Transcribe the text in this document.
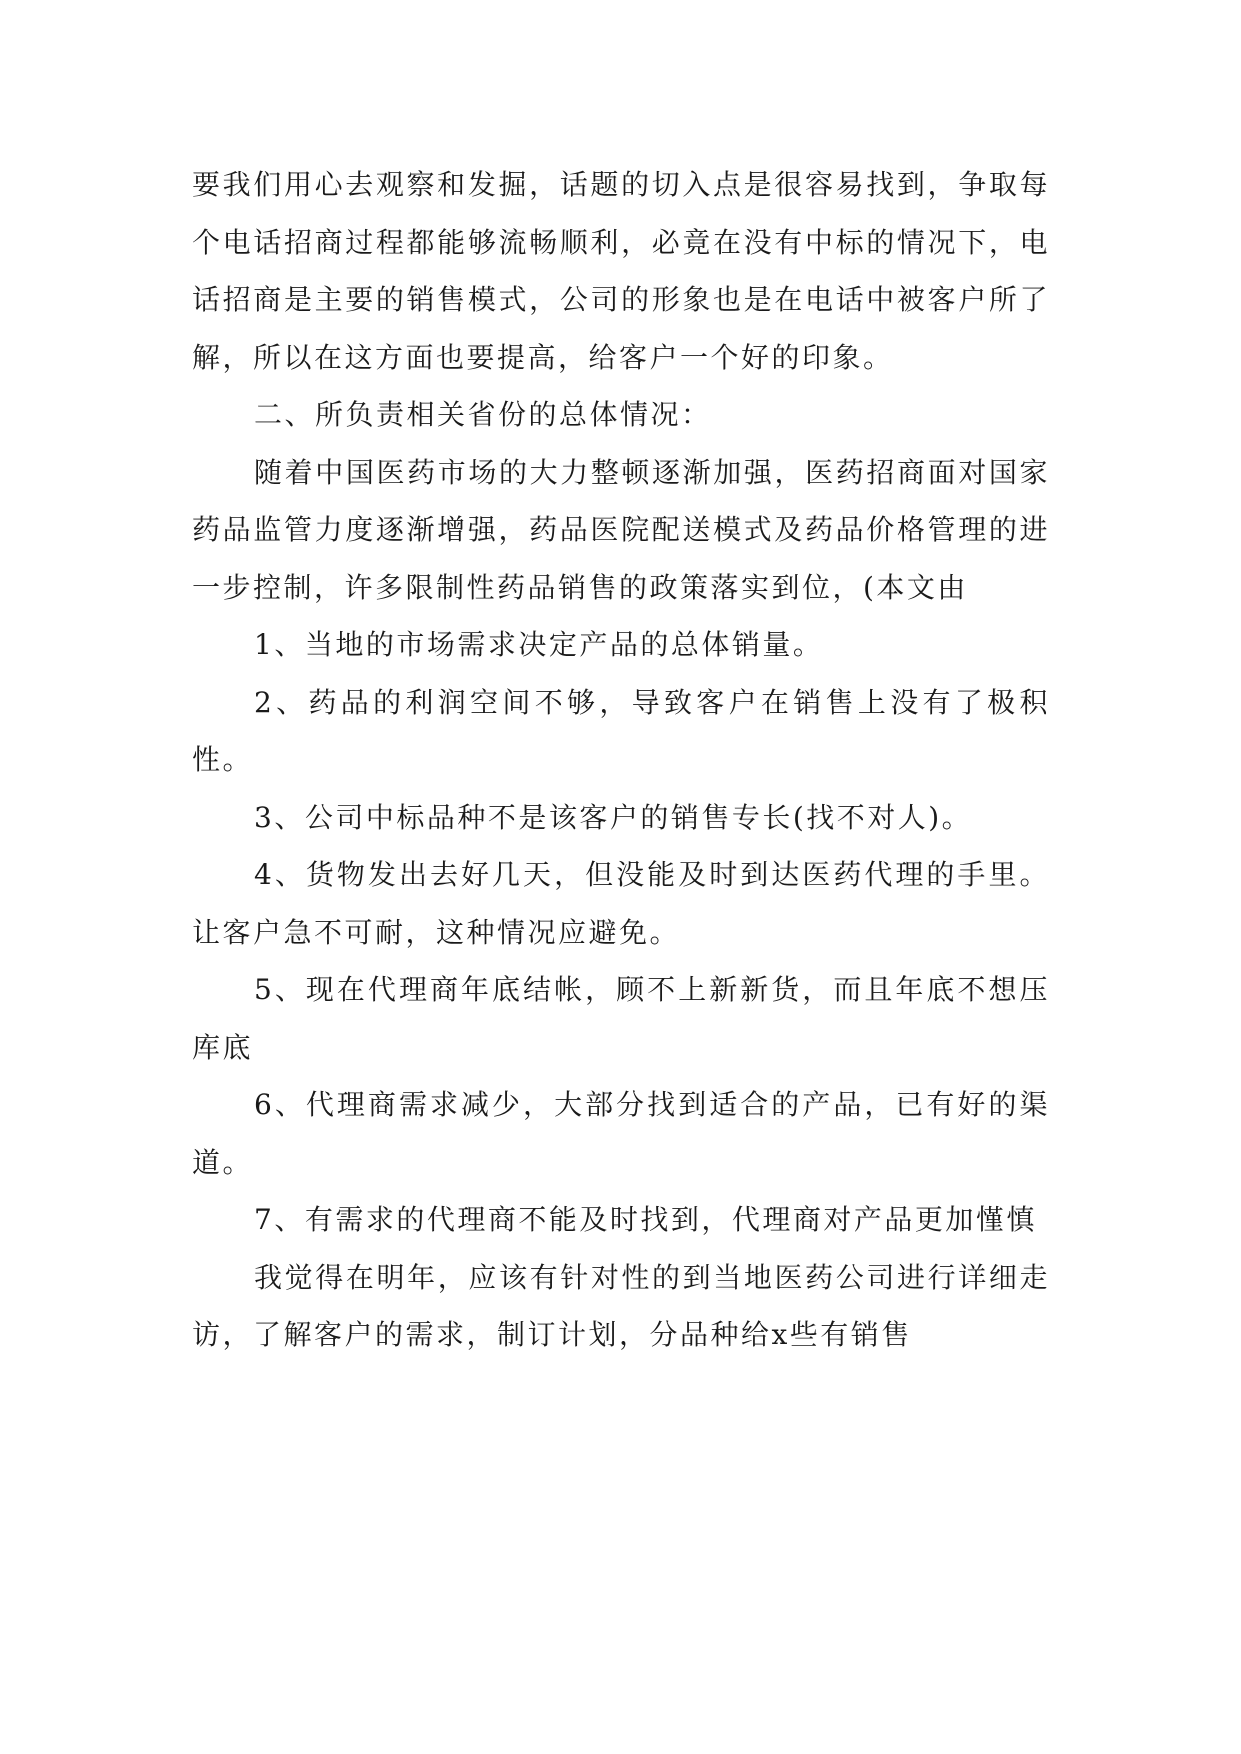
要我们用心去观察和发掘，话题的切入点是很容易找到，争取每个电话招商过程都能够流畅顺利，必竟在没有中标的情况下，电话招商是主要的销售模式，公司的形象也是在电话中被客户所了解，所以在这方面也要提高，给客户一个好的印象。

二、所负责相关省份的总体情况：

随着中国医药市场的大力整顿逐渐加强，医药招商面对国家药品监管力度逐渐增强，药品医院配送模式及药品价格管理的进一步控制，许多限制性药品销售的政策落实到位，(本文由

1、当地的市场需求决定产品的总体销量。

2、药品的利润空间不够，导致客户在销售上没有了极积性。

3、公司中标品种不是该客户的销售专长(找不对人)。

4、货物发出去好几天，但没能及时到达医药代理的手里。让客户急不可耐，这种情况应避免。

5、现在代理商年底结帐，顾不上新新货，而且年底不想压库底

6、代理商需求减少，大部分找到适合的产品，已有好的渠道。

7、有需求的代理商不能及时找到，代理商对产品更加慬慎

我觉得在明年，应该有针对性的到当地医药公司进行详细走访，了解客户的需求，制订计划，分品种给x些有销售
